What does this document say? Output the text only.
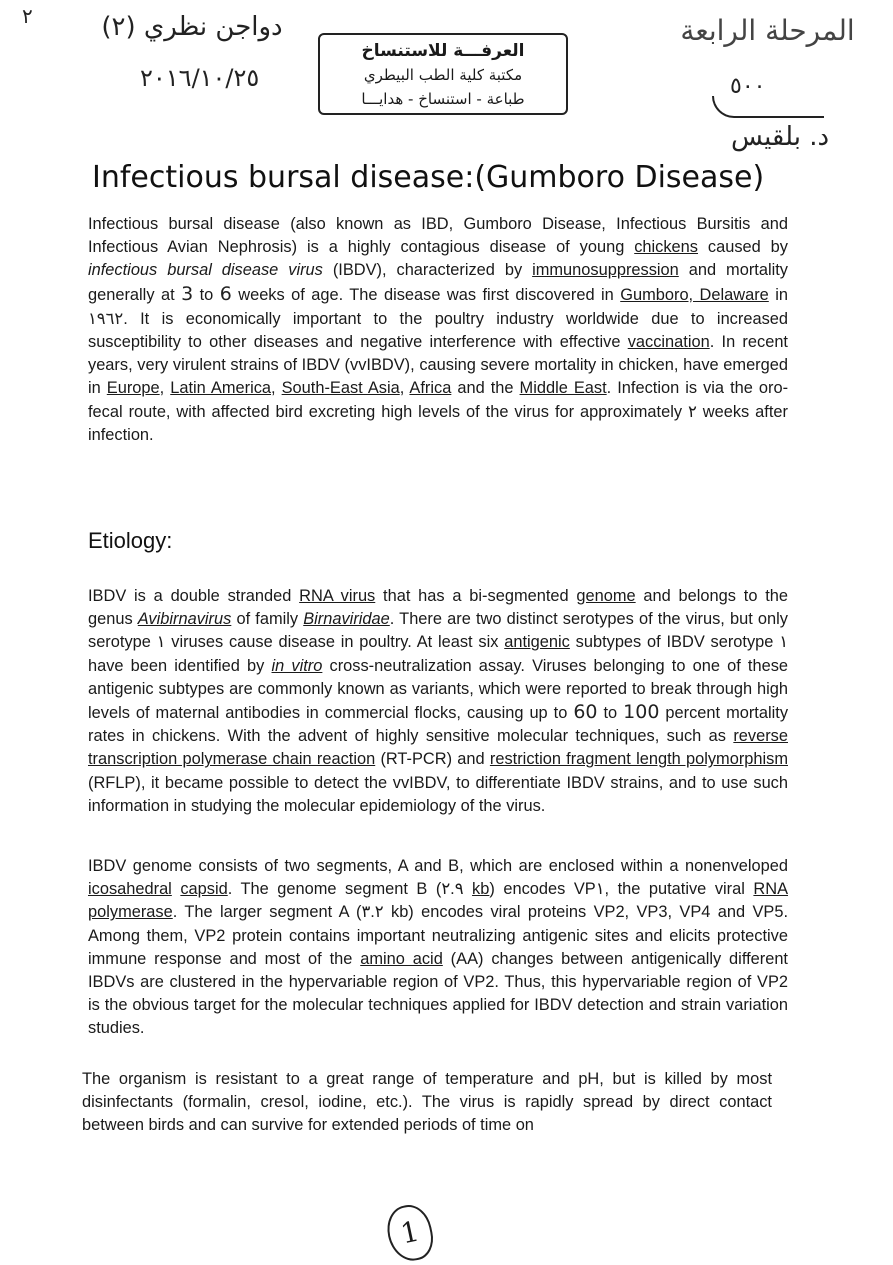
٢	دواجن نظري (٢)
٢٠١٦/١٠/٢٥
المرحلة الرابعة
٥٠٠
د. بلقيس
العرفـــة للاستنساخ
مكتبة كلية الطب البيطري
طباعة - استنساخ - هدايـــا
Infectious bursal disease:(Gumboro Disease)
Infectious bursal disease (also known as IBD, Gumboro Disease, Infectious Bursitis and Infectious Avian Nephrosis) is a highly contagious disease of young chickens caused by infectious bursal disease virus (IBDV), characterized by immunosuppression and mortality generally at 3 to 6 weeks of age. The disease was first discovered in Gumboro, Delaware in ١٩٦٢. It is economically important to the poultry industry worldwide due to increased susceptibility to other diseases and negative interference with effective vaccination. In recent years, very virulent strains of IBDV (vvIBDV), causing severe mortality in chicken, have emerged in Europe, Latin America, South-East Asia, Africa and the Middle East. Infection is via the oro-fecal route, with affected bird excreting high levels of the virus for approximately ٢ weeks after infection.
Etiology:
IBDV is a double stranded RNA virus that has a bi-segmented genome and belongs to the genus Avibirnavirus of family Birnaviridae. There are two distinct serotypes of the virus, but only serotype ١ viruses cause disease in poultry. At least six antigenic subtypes of IBDV serotype ١ have been identified by in vitro cross-neutralization assay. Viruses belonging to one of these antigenic subtypes are commonly known as variants, which were reported to break through high levels of maternal antibodies in commercial flocks, causing up to 60 to 100 percent mortality rates in chickens. With the advent of highly sensitive molecular techniques, such as reverse transcription polymerase chain reaction (RT-PCR) and restriction fragment length polymorphism (RFLP), it became possible to detect the vvIBDV, to differentiate IBDV strains, and to use such information in studying the molecular epidemiology of the virus.
IBDV genome consists of two segments, A and B, which are enclosed within a nonenveloped icosahedral capsid. The genome segment B (٢.٩ kb) encodes VP١, the putative viral RNA polymerase. The larger segment A (٣.٢ kb) encodes viral proteins VP2, VP3, VP4 and VP5. Among them, VP2 protein contains important neutralizing antigenic sites and elicits protective immune response and most of the amino acid (AA) changes between antigenically different IBDVs are clustered in the hypervariable region of VP2. Thus, this hypervariable region of VP2 is the obvious target for the molecular techniques applied for IBDV detection and strain variation studies.
The organism is resistant to a great range of temperature and pH, but is killed by most disinfectants (formalin, cresol, iodine, etc.). The virus is rapidly spread by direct contact between birds and can survive for extended periods of time on
1
